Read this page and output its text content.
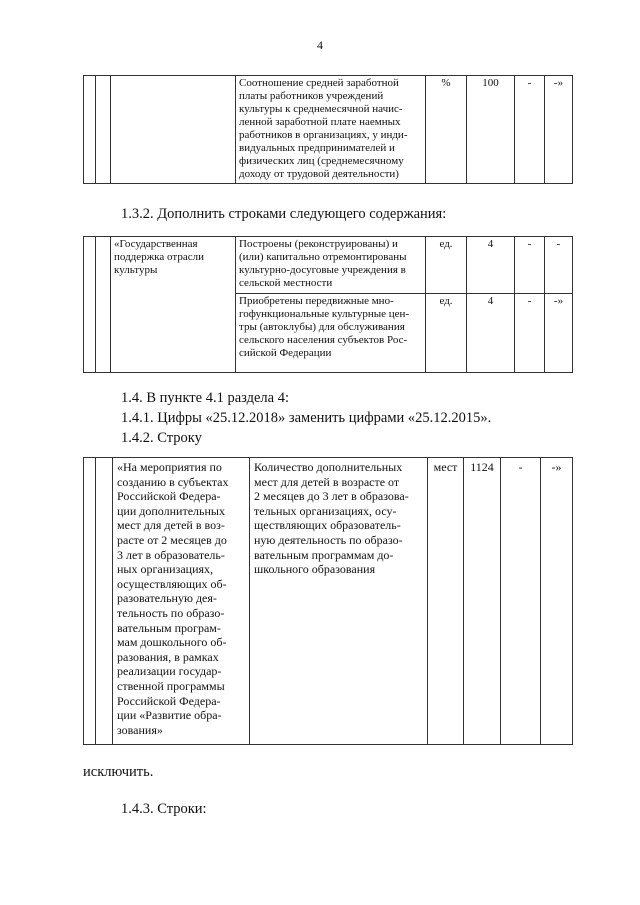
4

Соотношение средней заработной
платы работников учреждений
культуры к среднемесячной начис-
ленной заработной плате наемных
работников в организациях, у инди-
видуальных предпринимателей и
физических лиц (среднемесячному
доходу от трудовой деятельности)
	%	100	-	-»
1.3.2. Дополнить строками следующего содержания:

		«Государственная
поддержка отрасли
культуры	Построены (реконструированы) и
(или) капитально отремонтированы
культурно-досуговые учреждения в
сельской местности	ед.	4	-	-

			Приобретены передвижные мно-
гофункциональные культурные цен-
тры (автоклубы) для обслуживания
сельского населения субъектов Рос-
сийской Федерации	ед.	4	-	-»
1.4. В пункте 4.1 раздела 4:
1.4.1. Цифры «25.12.2018» заменить цифрами «25.12.2015».
1.4.2. Строку

«На мероприятия по
созданию в субъектах
Российской Федера-
ции дополнительных
мест для детей в воз-
расте от 2 месяцев до
3 лет в образователь-
ных организациях,
осуществляющих об-
разовательную дея-
тельность по образо-
вательным програм-
мам дошкольного об-
разования, в рамках
реализации государ-
ственной программы
Российской Федера-
ции «Развитие обра-
зования»

Количество дополнительных
мест для детей в возрасте от
2 месяцев до 3 лет в образова-
тельных организациях, осу-
ществляющих образователь-
ную деятельность по образо-
вательным программам до-
школьного образования
	мест	1124	-	-»
исключить.
1.4.3. Строки:
